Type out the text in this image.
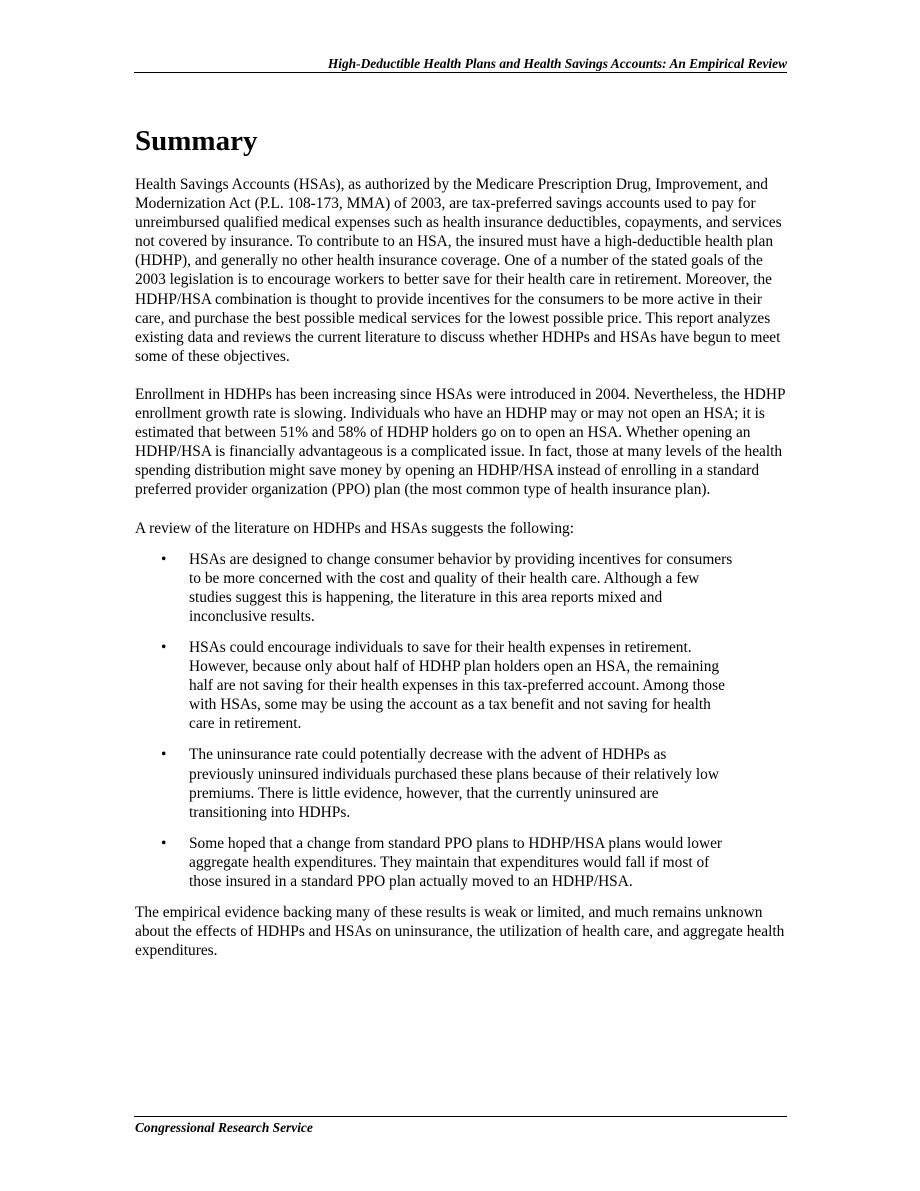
High-Deductible Health Plans and Health Savings Accounts: An Empirical Review
Summary

Health Savings Accounts (HSAs), as authorized by the Medicare Prescription Drug, Improvement, and Modernization Act (P.L. 108-173, MMA) of 2003, are tax-preferred savings accounts used to pay for unreimbursed qualified medical expenses such as health insurance deductibles, copayments, and services not covered by insurance. To contribute to an HSA, the insured must have a high-deductible health plan (HDHP), and generally no other health insurance coverage. One of a number of the stated goals of the 2003 legislation is to encourage workers to better save for their health care in retirement. Moreover, the HDHP/HSA combination is thought to provide incentives for the consumers to be more active in their care, and purchase the best possible medical services for the lowest possible price. This report analyzes existing data and reviews the current literature to discuss whether HDHPs and HSAs have begun to meet some of these objectives.

Enrollment in HDHPs has been increasing since HSAs were introduced in 2004. Nevertheless, the HDHP enrollment growth rate is slowing. Individuals who have an HDHP may or may not open an HSA; it is estimated that between 51% and 58% of HDHP holders go on to open an HSA. Whether opening an HDHP/HSA is financially advantageous is a complicated issue. In fact, those at many levels of the health spending distribution might save money by opening an HDHP/HSA instead of enrolling in a standard preferred provider organization (PPO) plan (the most common type of health insurance plan).

A review of the literature on HDHPs and HSAs suggests the following:

• HSAs are designed to change consumer behavior by providing incentives for consumers to be more concerned with the cost and quality of their health care. Although a few studies suggest this is happening, the literature in this area reports mixed and inconclusive results.
• HSAs could encourage individuals to save for their health expenses in retirement. However, because only about half of HDHP plan holders open an HSA, the remaining half are not saving for their health expenses in this tax-preferred account. Among those with HSAs, some may be using the account as a tax benefit and not saving for health care in retirement.
• The uninsurance rate could potentially decrease with the advent of HDHPs as previously uninsured individuals purchased these plans because of their relatively low premiums. There is little evidence, however, that the currently uninsured are transitioning into HDHPs.
• Some hoped that a change from standard PPO plans to HDHP/HSA plans would lower aggregate health expenditures. They maintain that expenditures would fall if most of those insured in a standard PPO plan actually moved to an HDHP/HSA.

The empirical evidence backing many of these results is weak or limited, and much remains unknown about the effects of HDHPs and HSAs on uninsurance, the utilization of health care, and aggregate health expenditures.

Congressional Research Service
